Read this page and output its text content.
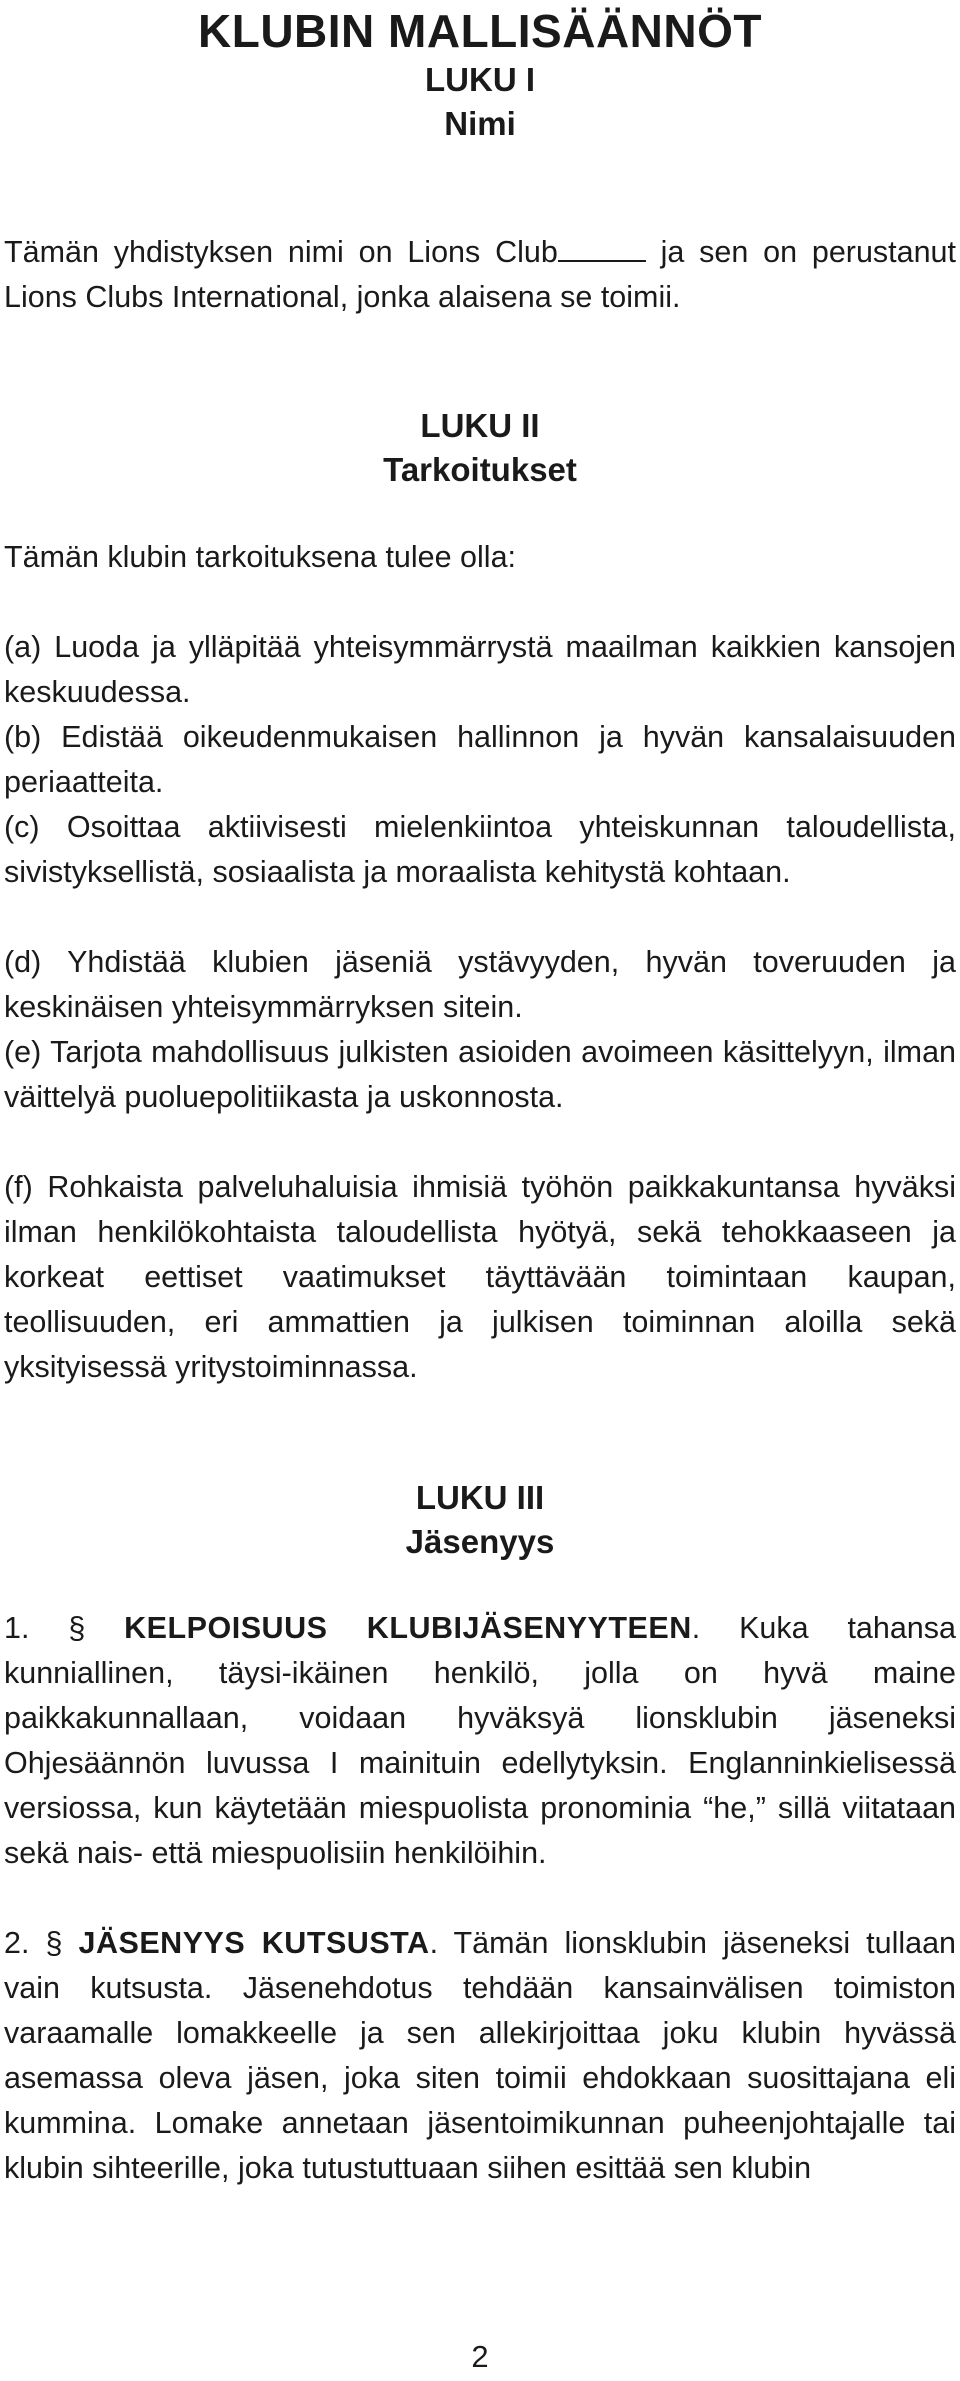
KLUBIN MALLISÄÄNNÖT
LUKU I
Nimi

Tämän yhdistyksen nimi on Lions Club	ja sen on perustanut Lions Clubs International, jonka alaisena se toimii.

LUKU II
Tarkoitukset

Tämän klubin tarkoituksena tulee olla:

(a) Luoda ja ylläpitää yhteisymmärrystä maailman kaikkien kansojen keskuudessa.

(b) Edistää oikeudenmukaisen hallinnon ja hyvän kansalaisuuden periaatteita.

(c) Osoittaa aktiivisesti mielenkiintoa yhteiskunnan taloudellista, sivistyksellistä, sosiaalista ja moraalista kehitystä kohtaan.

(d) Yhdistää klubien jäseniä ystävyyden, hyvän toveruuden ja keskinäisen yhteisymmärryksen sitein.

(e) Tarjota mahdollisuus julkisten asioiden avoimeen käsittelyyn, ilman väittelyä puoluepolitiikasta ja uskonnosta.

(f) Rohkaista palveluhaluisia ihmisiä työhön paikkakuntansa hyväksi ilman henkilökohtaista taloudellista hyötyä, sekä tehokkaaseen ja korkeat eettiset vaatimukset täyttävään toimintaan kaupan, teollisuuden, eri ammattien ja julkisen toiminnan aloilla sekä yksityisessä yritystoiminnassa.

LUKU III
Jäsenyys

1. § KELPOISUUS KLUBIJÄSENYYTEEN. Kuka tahansa kunniallinen, täysi-ikäinen henkilö, jolla on hyvä maine paikkakunnallaan, voidaan hyväksyä lionsklubin jäseneksi Ohjesäännön luvussa I mainituin edellytyksin. Englanninkielisessä versiossa, kun käytetään miespuolista pronominia “he,” sillä viitataan sekä nais- että miespuolisiin henkilöihin.

2. § JÄSENYYS KUTSUSTA. Tämän lionsklubin jäseneksi tullaan vain kutsusta. Jäsenehdotus tehdään kansainvälisen toimiston varaamalle lomakkeelle ja sen allekirjoittaa joku klubin hyvässä asemassa oleva jäsen, joka siten toimii ehdokkaan suosittajana eli kummina. Lomake annetaan jäsentoimikunnan puheenjohtajalle tai klubin sihteerille, joka tutustuttuaan siihen esittää sen klubin

2
